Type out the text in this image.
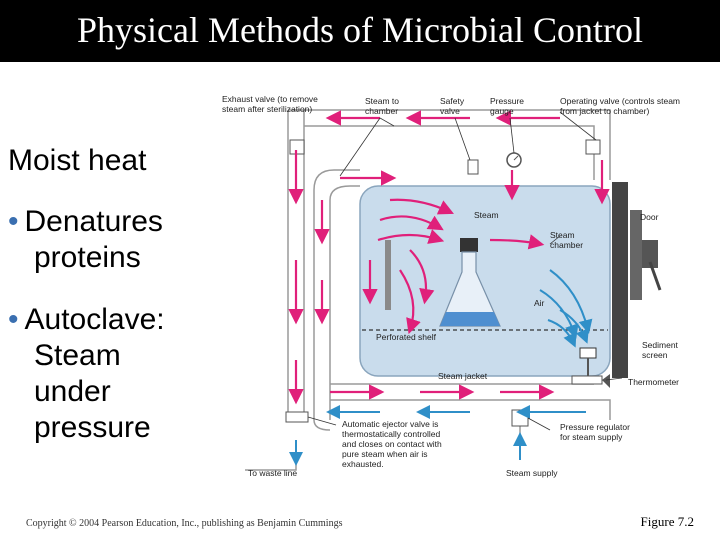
Physical Methods of Microbial Control
Moist heat
• Denatures
proteins
• Autoclave:
Steam
under
pressure
Exhaust valve (to remove steam after sterilization)
Steam to chamber
Safety valve
Pressure gauge
Operating valve (controls steam from jacket to chamber)
Steam	Door
Steam chamber
Air
Perforated shelf
Sediment screen
Steam jacket
Thermometer
Automatic ejector valve is thermostatically controlled and closes on contact with pure steam when air is exhausted.
Pressure regulator for steam supply
To waste line	Steam supply
Copyright © 2004 Pearson Education, Inc., publishing as Benjamin Cummings	Figure 7.2
